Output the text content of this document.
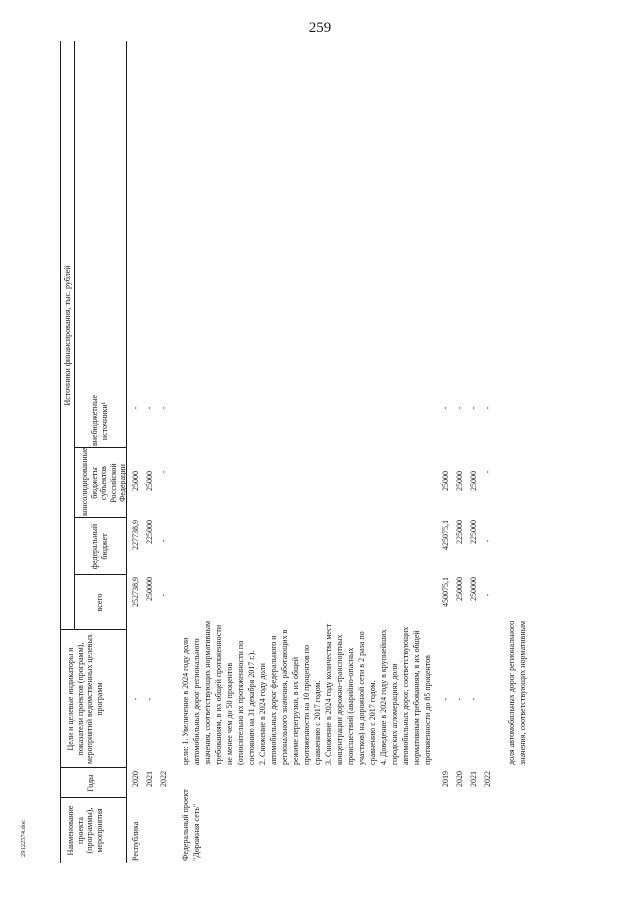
259
29122574.doc	Наименование проекта (программы), мероприятия
Годы
Цели и целевые индикаторы и показатели проектов (программ), мероприятий ведомственных целевых программ
Источники финансирования, тыс. рублей
всего
федеральный бюджет
консолидированные бюджеты субъектов Российской Федерации
внебюджетные источники¹
Республика
2020
-
252738,9
227738,9
25000
-
2021
-
250000
225000
25000
-
2022
-
-
-
-
Федеральный проект "Дорожная сеть"
цели: 1. Увеличение в 2024 году доли автомобильных дорог регионального значения, соответствующих нормативным требованиям, в их общей протяженности не менее чем до 50 процентов (относительно их протяженности по состоянию на 31 декабря 2017 г.). 2. Снижение в 2024 году доли автомобильных дорог федерального и регионального значения, работающих в режиме перегрузки, в их общей протяженности на 10 процентов по сравнению с 2017 годом. 3. Снижение в 2024 году количества мест концентрации дорожно-транспортных происшествий (аварийно-опасных участков) на дорожной сети в 2 раза по сравнению с 2017 годом. 4. Доведение в 2024 году в крупнейших городских агломерациях доли автомобильных дорог, соответствующих нормативным требованиям, в их общей протяженности до 85 процентов
2019
-
450075,1
425075,1
25000
-
2020
-
250000
225000
25000
-
2021
-
250000
225000
25000
-
2022
-
-
-
-
доля автомобильных дорог регионального значения, соответствующих нормативным
